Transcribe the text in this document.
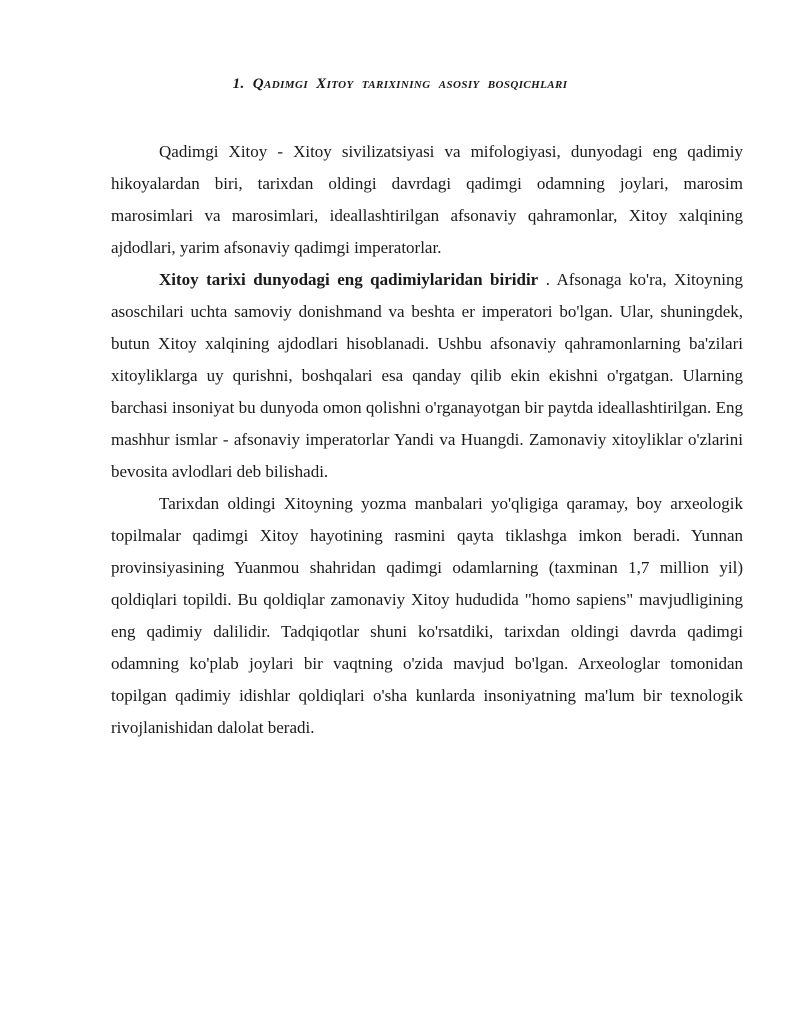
1. Qadimgi Xitoy tarixining asosiy bosqichlari

Qadimgi Xitoy - Xitoy sivilizatsiyasi va mifologiyasi, dunyodagi eng qadimiy hikoyalardan biri, tarixdan oldingi davrdagi qadimgi odamning joylari, marosim marosimlari va marosimlari, ideallashtirilgan afsonaviy qahramonlar, Xitoy xalqining ajdodlari, yarim afsonaviy qadimgi imperatorlar.

Xitoy tarixi dunyodagi eng qadimiylaridan biridir . Afsonaga ko'ra, Xitoyning asoschilari uchta samoviy donishmand va beshta er imperatori bo'lgan. Ular, shuningdek, butun Xitoy xalqining ajdodlari hisoblanadi. Ushbu afsonaviy qahramonlarning ba'zilari xitoyliklarga uy qurishni, boshqalari esa qanday qilib ekin ekishni o'rgatgan. Ularning barchasi insoniyat bu dunyoda omon qolishni o'rganayotgan bir paytda ideallashtirilgan. Eng mashhur ismlar - afsonaviy imperatorlar Yandi va Huangdi. Zamonaviy xitoyliklar o'zlarini bevosita avlodlari deb bilishadi.

Tarixdan oldingi Xitoyning yozma manbalari yo'qligiga qaramay, boy arxeologik topilmalar qadimgi Xitoy hayotining rasmini qayta tiklashga imkon beradi. Yunnan provinsiyasining Yuanmou shahridan qadimgi odamlarning (taxminan 1,7 million yil) qoldiqlari topildi. Bu qoldiqlar zamonaviy Xitoy hududida "homo sapiens" mavjudligining eng qadimiy dalilidir. Tadqiqotlar shuni ko'rsatdiki, tarixdan oldingi davrda qadimgi odamning ko'plab joylari bir vaqtning o'zida mavjud bo'lgan. Arxeologlar tomonidan topilgan qadimiy idishlar qoldiqlari o'sha kunlarda insoniyatning ma'lum bir texnologik rivojlanishidan dalolat beradi.
